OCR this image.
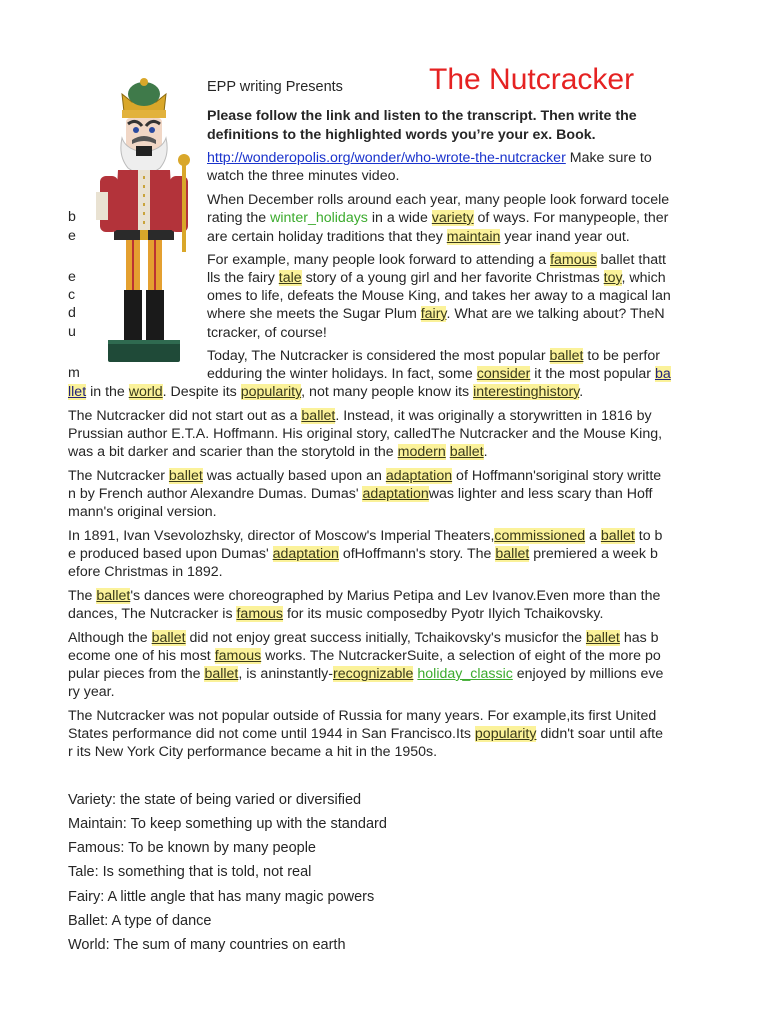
EPP writing Presents	The Nutcracker
Please follow the link and listen to the transcript. Then write the
definitions to the highlighted words you’re your ex. Book.
http://wonderopolis.org/wonder/who-wrote-the-nutcracker Make sure to
watch the three minutes video.
b
e
e
c
d
u
m
When December rolls around each year, many people look forward tocele
rating the winter_holidays in a wide variety of ways. For manypeople, ther
are certain holiday traditions that they maintain year inand year out.
For example, many people look forward to attending a famous ballet thatt
lls the fairy tale story of a young girl and her favorite Christmas toy, which
omes to life, defeats the Mouse King, and takes her away to a magical lan
where she meets the Sugar Plum fairy. What are we talking about? TheN
tcracker, of course!
Today, The Nutcracker is considered the most popular ballet to be perfor
edduring the winter holidays. In fact, some consider it the most popular ba
llet in the world. Despite its popularity, not many people know its interestinghistory.
The Nutcracker did not start out as a ballet. Instead, it was originally a storywritten in 1816 by
Prussian author E.T.A. Hoffmann. His original story, calledThe Nutcracker and the Mouse King,
was a bit darker and scarier than the storytold in the modern ballet.
The Nutcracker ballet was actually based upon an adaptation of Hoffmann'soriginal story writte
n by French author Alexandre Dumas. Dumas' adaptationwas lighter and less scary than Hoff
mann's original version.
In 1891, Ivan Vsevolozhsky, director of Moscow's Imperial Theaters,commissioned a ballet to b
e produced based upon Dumas' adaptation ofHoffmann's story. The ballet premiered a week b
efore Christmas in 1892.
The ballet's dances were choreographed by Marius Petipa and Lev Ivanov.Even more than the
dances, The Nutcracker is famous for its music composedby Pyotr Ilyich Tchaikovsky.
Although the ballet did not enjoy great success initially, Tchaikovsky's musicfor the ballet has b
ecome one of his most famous works. The NutcrackerSuite, a selection of eight of the more po
pular pieces from the ballet, is aninstantly-recognizable holiday_classic enjoyed by millions eve
ry year.
The Nutcracker was not popular outside of Russia for many years. For example,its first United
States performance did not come until 1944 in San Francisco.Its popularity didn't soar until afte
r its New York City performance became a hit in the 1950s.
Variety: the state of being varied or diversified
Maintain: To keep something up with the standard
Famous: To be known by many people
Tale: Is something that is told, not real
Fairy: A little angle that has many magic powers
Ballet: A type of dance
World: The sum of many countries on earth
